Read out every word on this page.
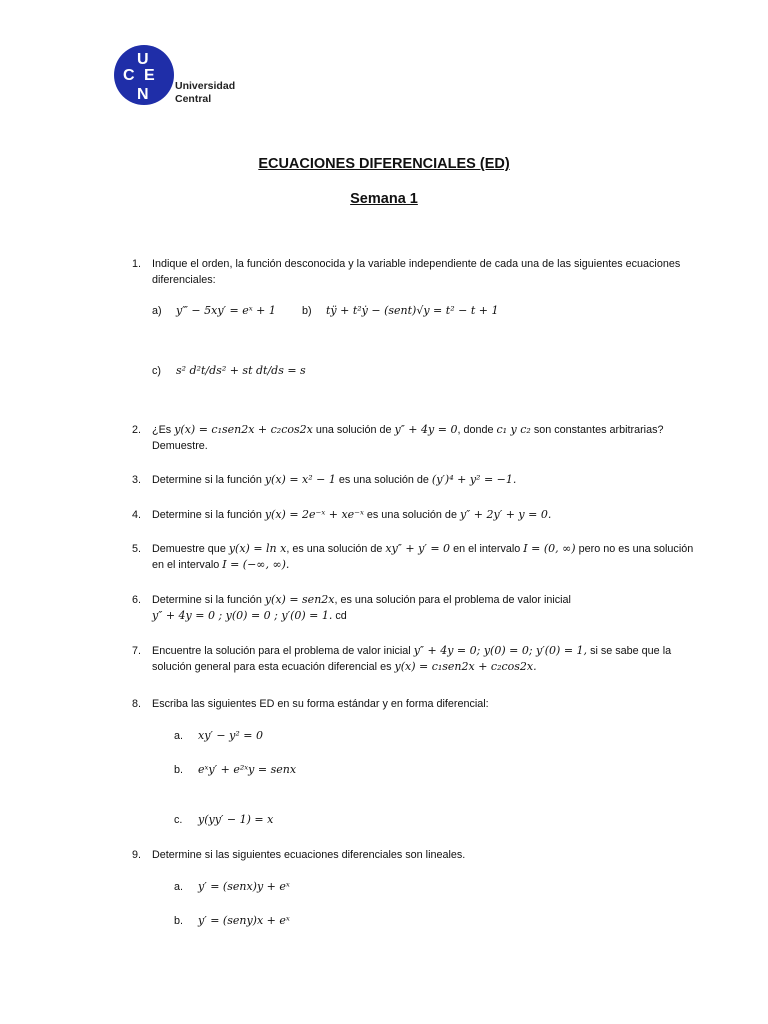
U
C E
N	Universidad
Central
ECUACIONES DIFERENCIALES (ED)
Semana 1
1. Indique el orden, la función desconocida y la variable independiente de cada una de las siguientes ecuaciones diferenciales:
a) y‴ − 5xy′ = eˣ + 1 b) tÿ + t²ẏ − (sent)√y = t² − t + 1
c) s² d²t/ds² + st dt/ds = s
2. ¿Es y(x) = c₁sen2x + c₂cos2x una solución de y″ + 4y = 0, donde c₁ y c₂ son constantes arbitrarias? Demuestre.
3. Determine si la función y(x) = x² − 1 es una solución de (y′)⁴ + y² = −1.
4. Determine si la función y(x) = 2e⁻ˣ + xe⁻ˣ es una solución de y″ + 2y′ + y = 0.
5. Demuestre que y(x) = ln x, es una solución de xy″ + y′ = 0 en el intervalo I = (0, ∞) pero no es una solución en el intervalo I = (−∞, ∞).
6. Determine si la función y(x) = sen2x, es una solución para el problema de valor inicial
y″ + 4y = 0 ; y(0) = 0 ; y′(0) = 1. cd
7. Encuentre la solución para el problema de valor inicial y″ + 4y = 0; y(0) = 0; y′(0) = 1, si se sabe que la solución general para esta ecuación diferencial es y(x) = c₁sen2x + c₂cos2x.
8. Escriba las siguientes ED en su forma estándar y en forma diferencial:
a. xy′ − y² = 0
b. eˣy′ + e²ˣy = senx
c. y(yy′ − 1) = x
9. Determine si las siguientes ecuaciones diferenciales son lineales.
a. y′ = (senx)y + eˣ
b. y′ = (seny)x + eˣ
